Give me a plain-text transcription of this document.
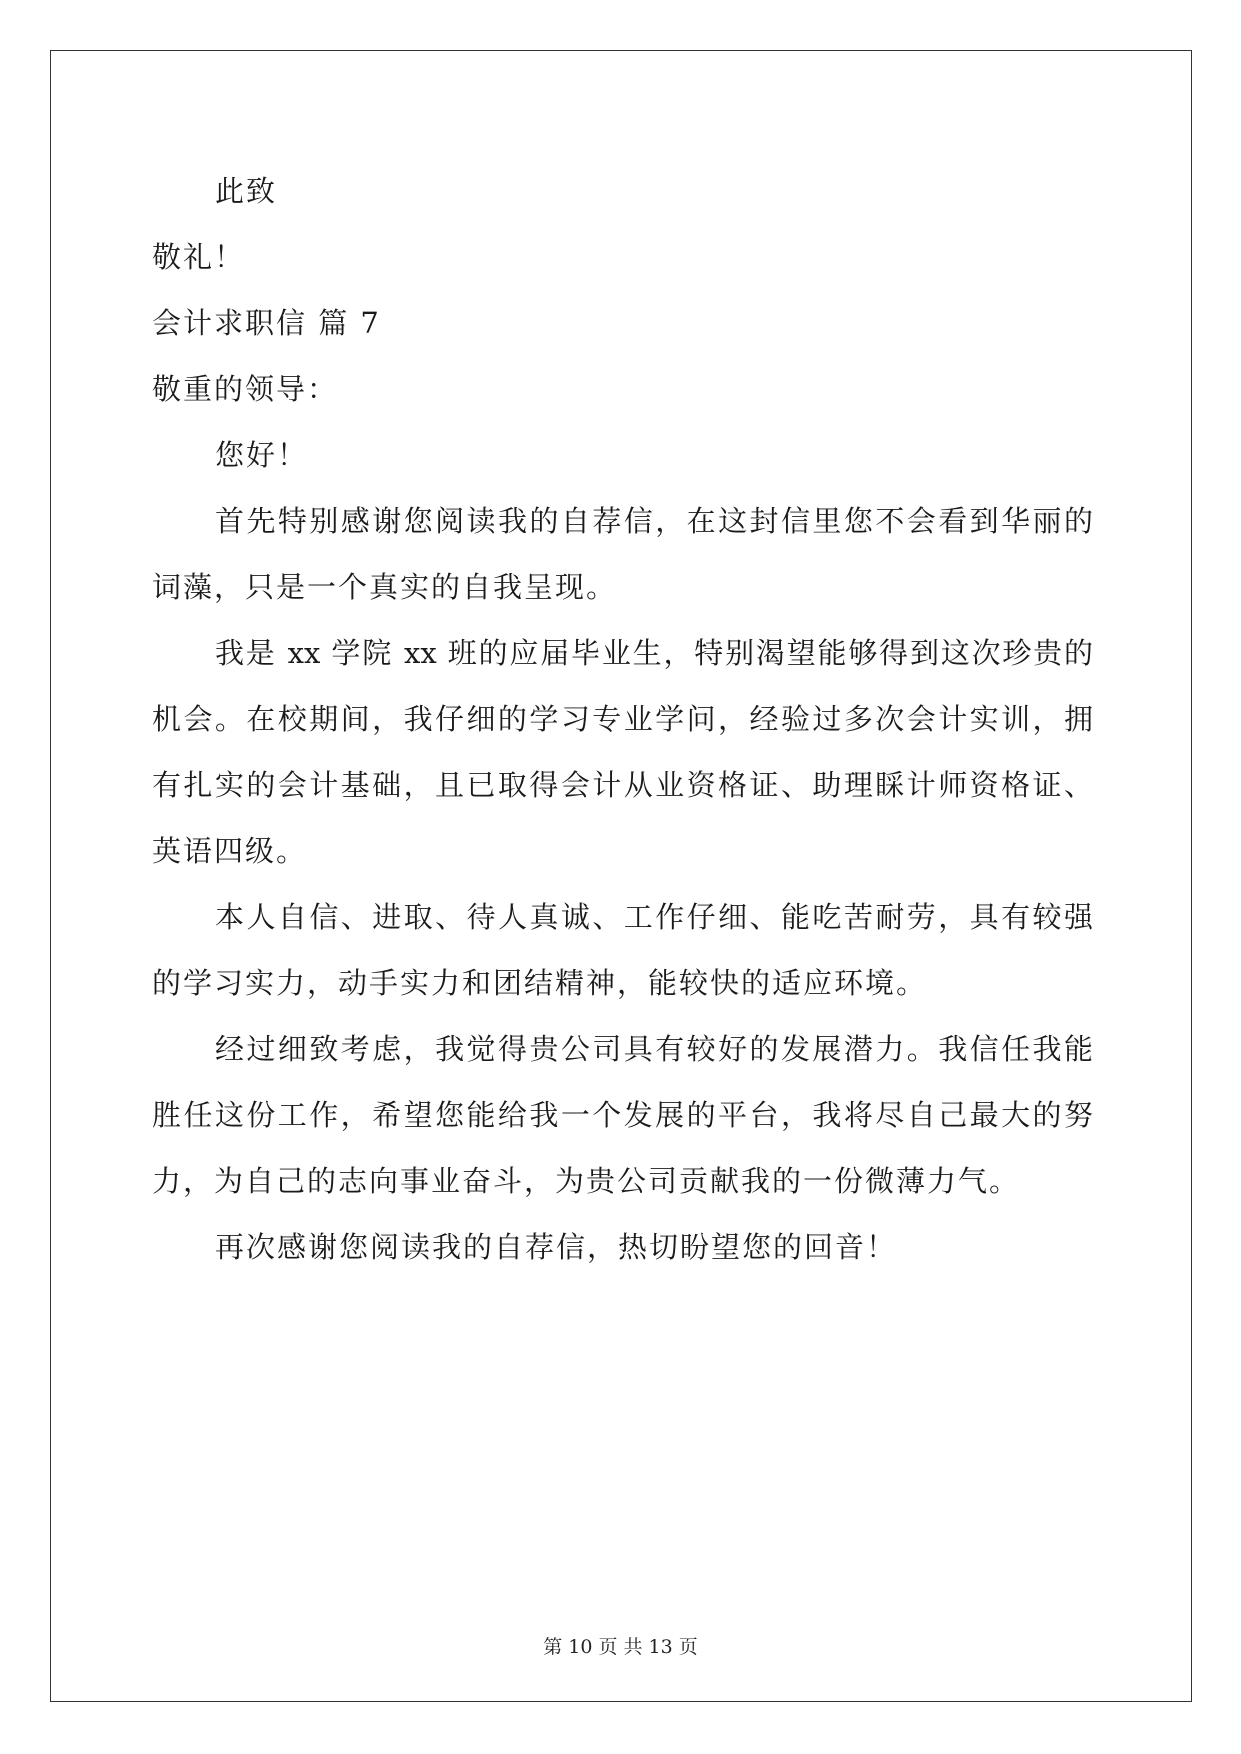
此致
敬礼！
会计求职信 篇 7
敬重的领导：
您好！
首先特别感谢您阅读我的自荐信，在这封信里您不会看到华丽的
词藻，只是一个真实的自我呈现。
我是 xx 学院 xx 班的应届毕业生，特别渴望能够得到这次珍贵的
机会。在校期间，我仔细的学习专业学问，经验过多次会计实训，拥
有扎实的会计基础，且已取得会计从业资格证、助理睬计师资格证、
英语四级。
本人自信、进取、待人真诚、工作仔细、能吃苦耐劳，具有较强
的学习实力，动手实力和团结精神，能较快的适应环境。
经过细致考虑，我觉得贵公司具有较好的发展潜力。我信任我能
胜任这份工作，希望您能给我一个发展的平台，我将尽自己最大的努
力，为自己的志向事业奋斗，为贵公司贡献我的一份微薄力气。
再次感谢您阅读我的自荐信，热切盼望您的回音！
第 10 页 共 13 页
